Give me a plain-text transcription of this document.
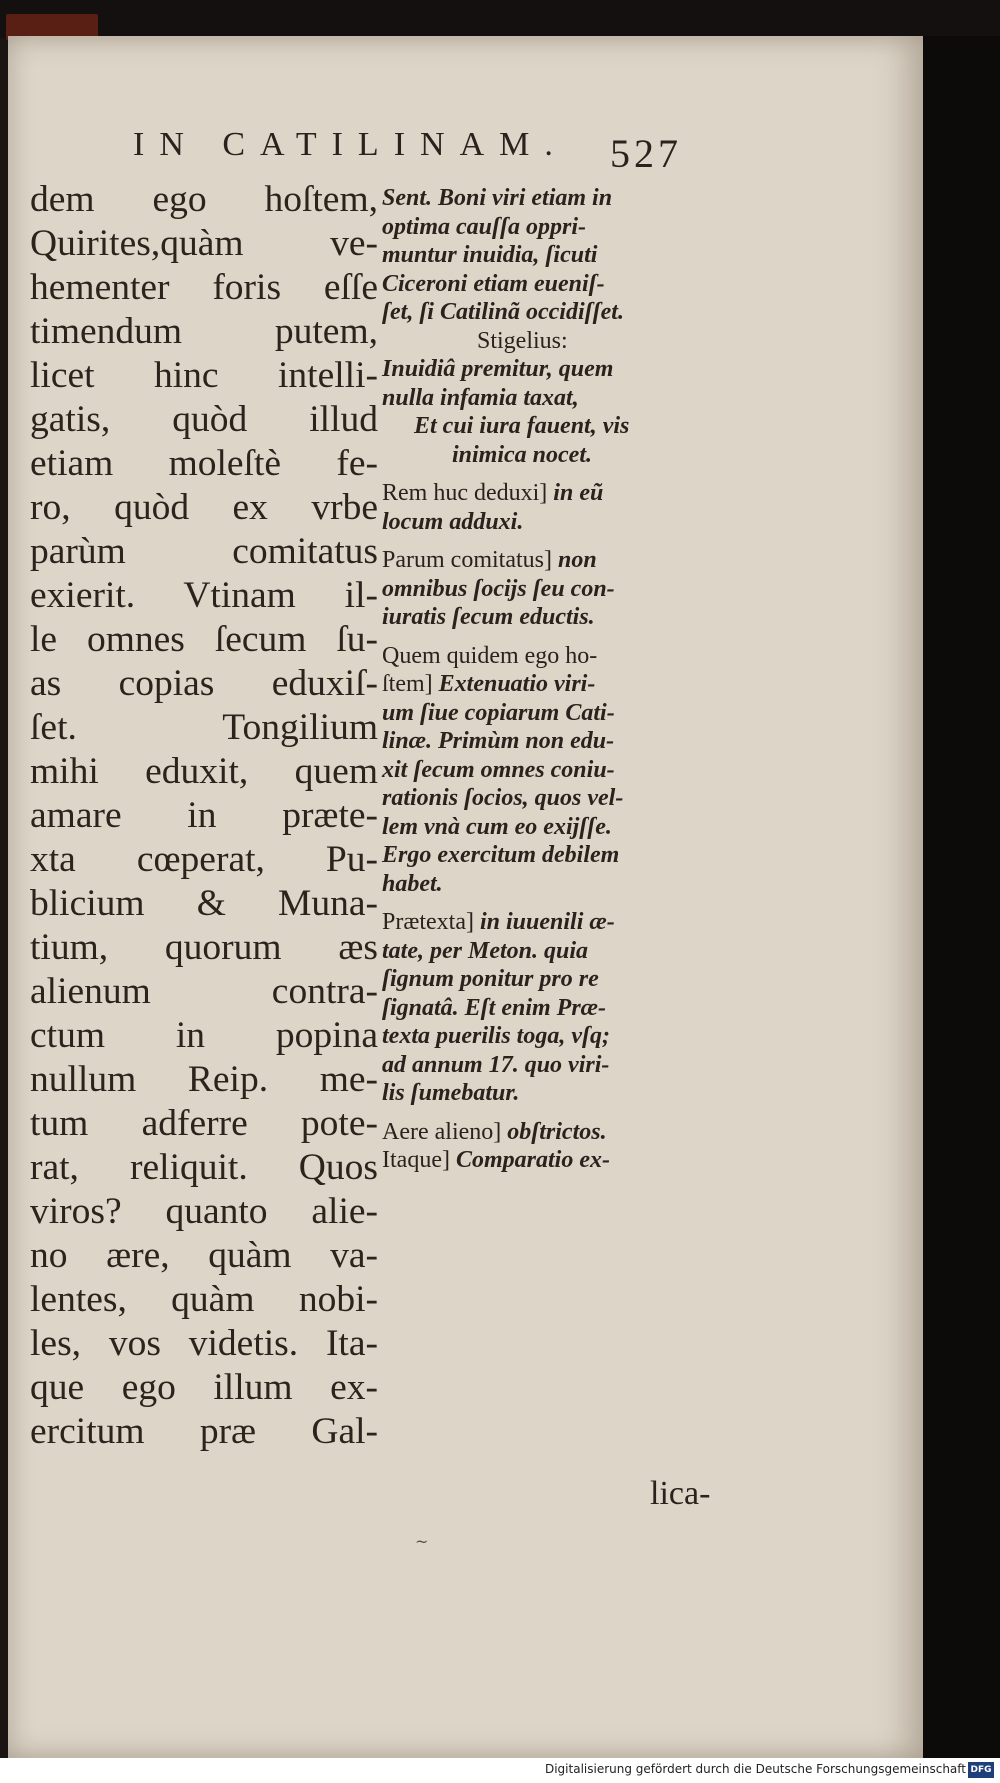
IN CATILINAM. 527
dem ego hoſtem,
Quirites,quàm ve-
hementer foris eſſe
timendum putem,
licet hinc intelli-
gatis, quòd illud
etiam moleſtè fe-
ro, quòd ex vrbe
parùm comitatus
exierit. Vtinam il-
le omnes ſecum ſu-
as copias eduxiſ-
ſet. Tongilium
mihi eduxit, quem
amare in præte-
xta cœperat, Pu-
blicium & Muna-
tium, quorum æs
alienum contra-
ctum in popina
nullum Reip. me-
tum adferre pote-
rat, reliquit. Quos
viros? quanto alie-
no ære, quàm va-
lentes, quàm nobi-
les, vos videtis. Ita-
que ego illum ex-
ercitum præ Gal-
Sent. Boni viri etiam in
optima cauſſa oppri-
muntur inuidia, ſicuti
Ciceroni etiam eueniſ-
ſet, ſi Catilinã occidiſſet.
Stigelius:
Inuidiâ premitur, quem
nulla infamia taxat,
Et cui iura fauent, vis
inimica nocet.
Rem huc deduxi] in eũ
locum adduxi.
Parum comitatus] non
omnibus ſocijs ſeu con-
iuratis ſecum eductis.
Quem quidem ego ho-
ſtem] Extenuatio viri-
um ſiue copiarum Cati-
linæ. Primùm non edu-
xit ſecum omnes coniu-
rationis ſocios, quos vel-
lem vnà cum eo exijſſe.
Ergo exercitum debilem
habet.
Prætexta] in iuuenili æ-
tate, per Meton. quia
ſignum ponitur pro re
ſignatâ. Eſt enim Præ-
texta puerilis toga, vſq;
ad annum 17. quo viri-
lis ſumebatur.
Aere alieno] obſtrictos.
Itaque] Comparatio ex-
lica-
~
Digitalisierung gefördert durch die Deutsche Forschungsgemeinschaft DFG
